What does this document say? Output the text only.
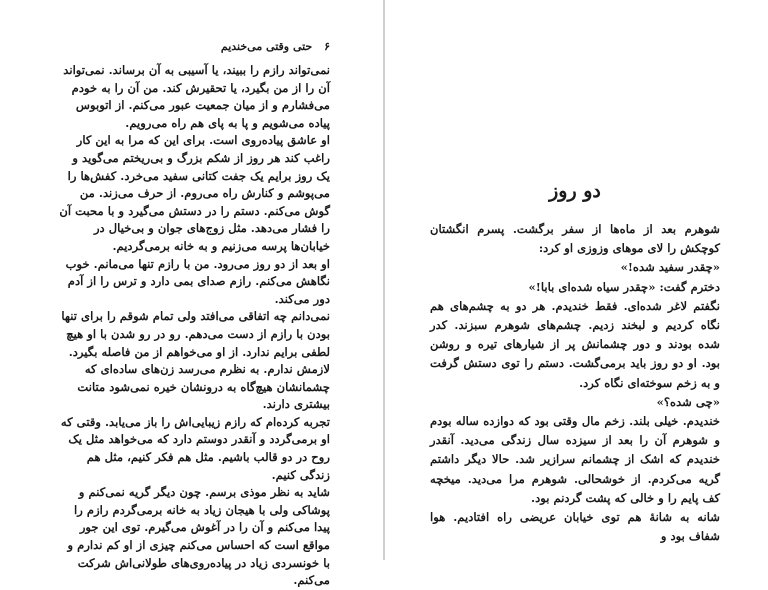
۶ حتی وقتی می‌خندیم

نمی‌تواند رازم را ببیند، یا آسیبی به آن برساند. نمی‌تواند آن را از من بگیرد، یا تحقیرش کند. من آن را به خودم می‌فشارم و از میان جمعیت عبور می‌کنم. از اتوبوس پیاده می‌شویم و پا به پای هم راه می‌رویم.

او عاشق پیاده‌روی است. برای این که مرا به این کار راغب کند هر روز از شکم بزرگ و بی‌ریختم می‌گوید و یک روز برایم یک جفت کتانی سفید می‌خرد. کفش‌ها را می‌پوشم و کنارش راه می‌روم. از حرف می‌زند. من گوش می‌کنم. دستم را در دستش می‌گیرد و با محبت آن را فشار می‌دهد. مثل زوج‌های جوان و بی‌خیال در خیابان‌ها پرسه می‌زنیم و به خانه برمی‌گردیم.

او بعد از دو روز می‌رود. من با رازم تنها می‌مانم. خوب نگاهش می‌کنم. رازم صدای بمی دارد و ترس را از آدم دور می‌کند.

نمی‌دانم چه اتفاقی می‌افتد ولی تمام شوقم را برای تنها بودن با رازم از دست می‌دهم. رو در رو شدن با او هیچ لطفی برایم ندارد. از او می‌خواهم از من فاصله بگیرد. لازمش ندارم. به نظرم می‌رسد زن‌های ساده‌ای که چشمانشان هیچ‌گاه به درونشان خیره نمی‌شود متانت بیشتری دارند.

تجربه کرده‌ام که رازم زیبایی‌اش را باز می‌یابد. وقتی که او برمی‌گردد و آنقدر دوستم دارد که می‌خواهد مثل یک روح در دو قالب باشیم. مثل هم فکر کنیم، مثل هم زندگی کنیم.

شاید به نظر موذی برسم. چون دیگر گریه نمی‌کنم و پوشاکی ولی با هیجان زیاد به خانه برمی‌گردم رازم را پیدا می‌کنم و آن را در آغوش می‌گیرم. توی این جور مواقع است که احساس می‌کنم چیزی از او کم ندارم و با خونسردی زیاد در پیاده‌روی‌های طولانی‌اش شرکت می‌کنم.

دو روز

شوهرم بعد از ماه‌ها از سفر برگشت. پسرم انگشتان کوچکش را لای موهای وزوزی او کرد:

«چقدر سفید شده!»

دخترم گفت: «چقدر سیاه شده‌ای بابا!»

نگفتم لاغر شده‌ای. فقط خندیدم. هر دو به چشم‌های هم نگاه کردیم و لبخند زدیم. چشم‌های شوهرم سبزند. کدر شده بودند و دور چشمانش پر از شیارهای تیره و روشن بود. او دو روز باید برمی‌گشت. دستم را توی دستش گرفت و به زخم سوخته‌ای نگاه کرد.

«چی شده؟»

خندیدم. خیلی بلند. زخم مال وقتی بود که دوازده ساله بودم و شوهرم آن را بعد از سیزده سال زندگی می‌دید. آنقدر خندیدم که اشک از چشمانم سرازیر شد. حالا دیگر داشتم گریه می‌کردم. از خوشحالی. شوهرم مرا می‌دید. میخچه‌ کف پایم را و خالی که پشت گردنم بود.

شانه به شانهٔ هم توی خیابان عریضی راه افتادیم. هوا شفاف بود و
